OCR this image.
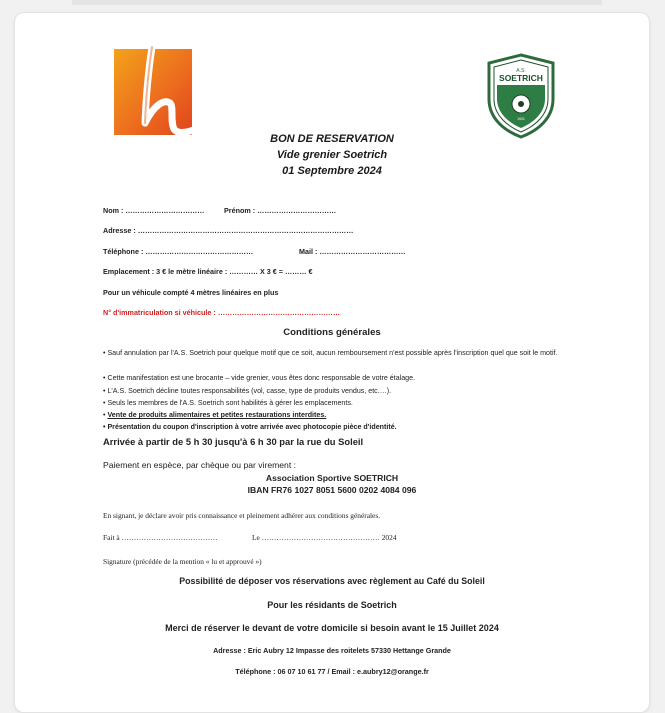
A.S.
SOETRICH
1921
BON DE RESERVATION
Vide grenier Soetrich
01 Septembre 2024
Nom : ……………………………	Prénom : ……………………………
Adresse : ………………………………………………………………………………
Téléphone : ………………………………………	Mail : ………………………………
Emplacement : 3 € le mètre linéaire : ………… X 3 € = ……… €
Pour un véhicule compté 4 mètres linéaires en plus
N° d'immatriculation si véhicule : ……………………………………………
Conditions générales
• Sauf annulation par l'A.S. Soetrich pour quelque motif que ce soit, aucun remboursement n'est possible après l'inscription quel que soit le motif.
• Cette manifestation est une brocante – vide grenier, vous êtes donc responsable de votre étalage.
• L'A.S. Soetrich décline toutes responsabilités (vol, casse, type de produits vendus, etc.…).
• Seuls les membres de l'A.S. Soetrich sont habilités à gérer les emplacements.
• Vente de produits alimentaires et petites restaurations interdites.
• Présentation du coupon d'inscription à votre arrivée avec photocopie pièce d'identité.
Arrivée à partir de 5 h 30 jusqu'à 6 h 30 par la rue du Soleil
Paiement en espèce, par chèque ou par virement :
Association Sportive SOETRICH
IBAN FR76 1027 8051 5600 0202 4084 096
En signant, je déclare avoir pris connaissance et pleinement adhérer aux conditions générales.
Fait à …………………………………	Le ………………………………………… 2024
Signature (précédée de la mention « lu et approuvé »)
Possibilité de déposer vos réservations avec règlement au Café du Soleil
Pour les résidants de Soetrich
Merci de réserver le devant de votre domicile si besoin avant le 15 Juillet 2024
Adresse : Eric Aubry 12 Impasse des roitelets 57330 Hettange Grande
Téléphone : 06 07 10 61 77 / Email : e.aubry12@orange.fr
